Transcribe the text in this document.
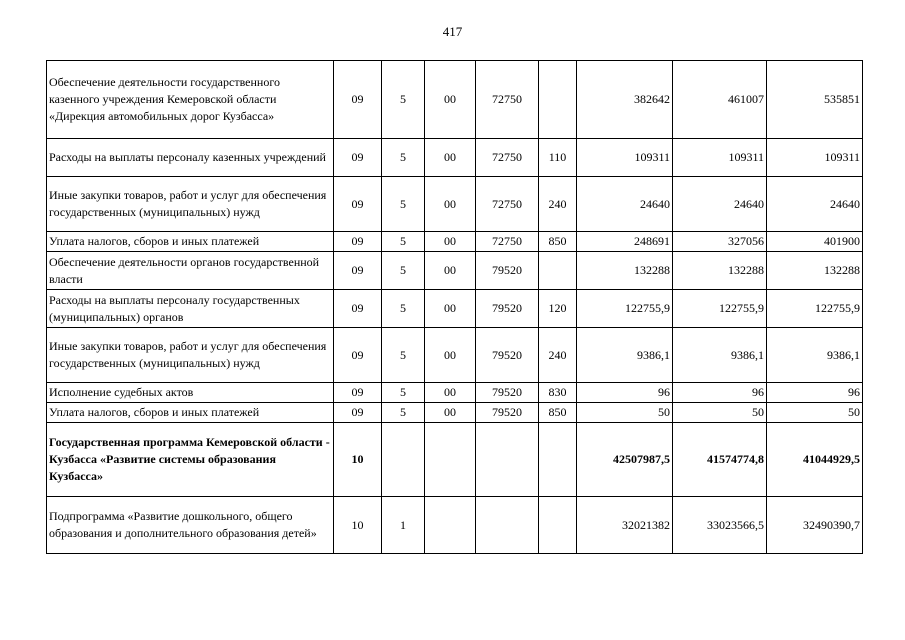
417
Обеспечение деятельности государственного казенного учреждения Кемеровской области «Дирекция автомобильных дорог Кузбасса»	09	5	00	72750		382642	461007	535851
Расходы на выплаты персоналу казенных учреждений	09	5	00	72750	110	109311	109311	109311
Иные закупки товаров, работ и услуг для обеспечения государственных (муниципальных) нужд	09	5	00	72750	240	24640	24640	24640
Уплата налогов, сборов и иных платежей	09	5	00	72750	850	248691	327056	401900
Обеспечение деятельности органов государственной власти	09	5	00	79520		132288	132288	132288
Расходы на выплаты персоналу государственных (муниципальных) органов	09	5	00	79520	120	122755,9	122755,9	122755,9
Иные закупки товаров, работ и услуг для обеспечения государственных (муниципальных) нужд	09	5	00	79520	240	9386,1	9386,1	9386,1
Исполнение судебных актов	09	5	00	79520	830	96	96	96
Уплата налогов, сборов и иных платежей	09	5	00	79520	850	50	50	50
Государственная программа Кемеровской области - Кузбасса «Развитие системы образования Кузбасса»	10					42507987,5	41574774,8	41044929,5
Подпрограмма «Развитие дошкольного, общего образования и дополнительного образования детей»	10	1				32021382	33023566,5	32490390,7
